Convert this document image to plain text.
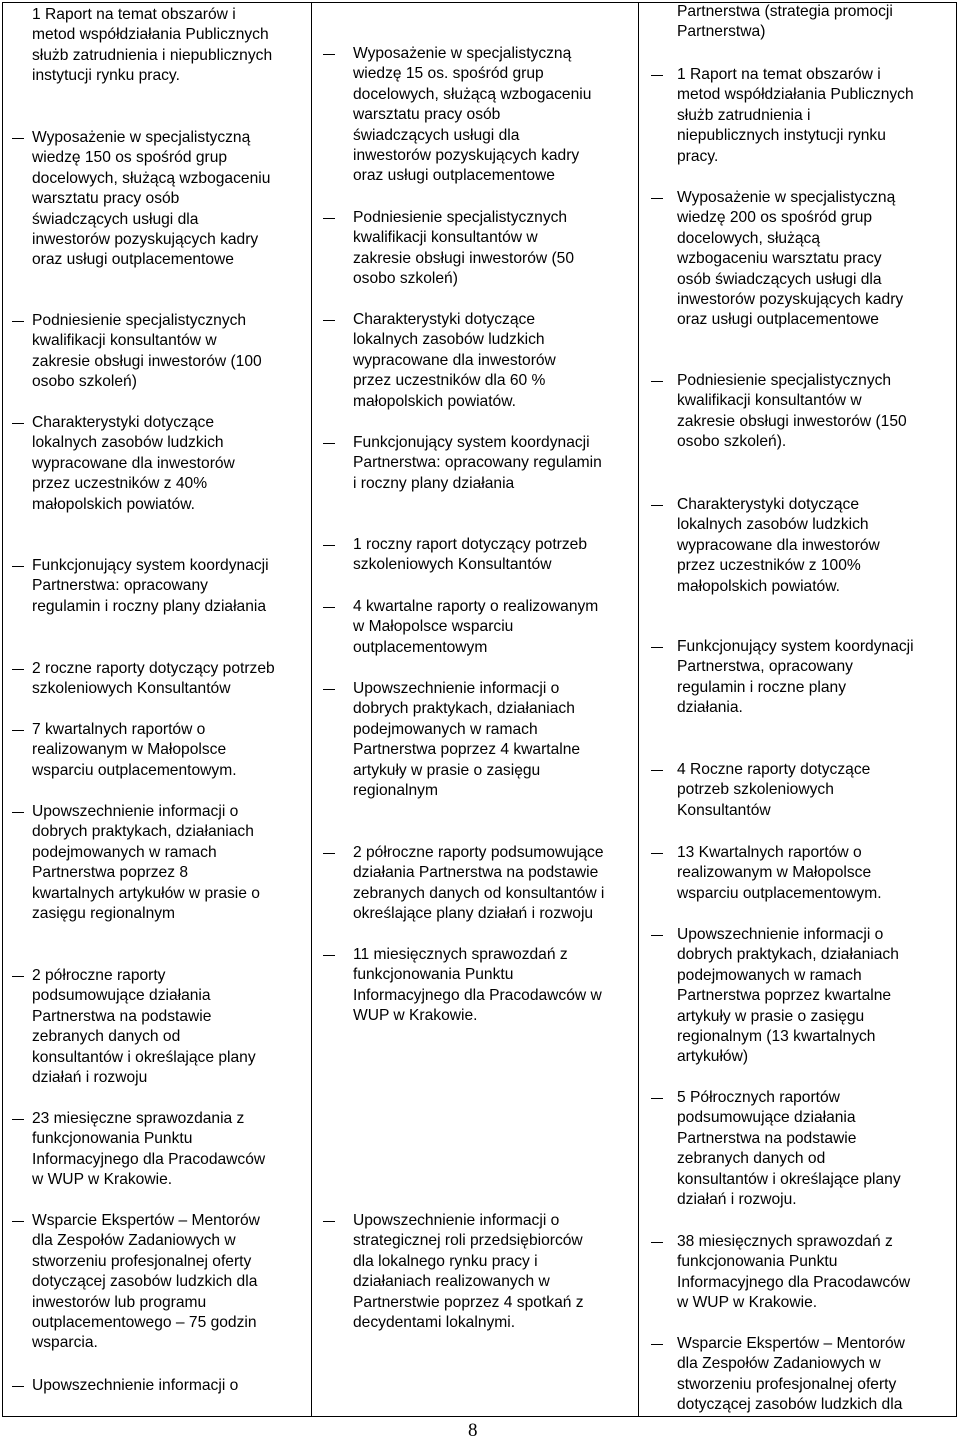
8
1 Raport na temat obszarów i
metod współdziałania Publicznych
służb zatrudnienia i niepublicznych
instytucji rynku pracy.
Wyposażenie w specjalistyczną
wiedzę 150 os spośród grup
docelowych, służącą wzbogaceniu
warsztatu pracy osób
świadczących usługi dla
inwestorów pozyskujących kadry
oraz usługi outplacementowe
Podniesienie specjalistycznych
kwalifikacji konsultantów w
zakresie obsługi inwestorów (100
osobo szkoleń)
Charakterystyki dotyczące
lokalnych zasobów ludzkich
wypracowane dla inwestorów
przez uczestników z 40%
małopolskich powiatów.
Funkcjonujący system koordynacji
Partnerstwa: opracowany
regulamin i roczny plany działania
2 roczne raporty dotyczący potrzeb
szkoleniowych Konsultantów
7 kwartalnych raportów o
realizowanym w Małopolsce
wsparciu outplacementowym.
Upowszechnienie informacji o
dobrych praktykach, działaniach
podejmowanych w ramach
Partnerstwa poprzez 8
kwartalnych artykułów w prasie o
zasięgu regionalnym
2 półroczne raporty
podsumowujące działania
Partnerstwa na podstawie
zebranych danych od
konsultantów i określające plany
działań i rozwoju
23 miesięczne sprawozdania z
funkcjonowania Punktu
Informacyjnego dla Pracodawców
w WUP w Krakowie.
Wsparcie Ekspertów – Mentorów
dla Zespołów Zadaniowych w
stworzeniu profesjonalnej oferty
dotyczącej zasobów ludzkich dla
inwestorów lub programu
outplacementowego – 75 godzin
wsparcia.
Upowszechnienie informacji o
Wyposażenie w specjalistyczną
wiedzę 15 os. spośród grup
docelowych, służącą wzbogaceniu
warsztatu pracy osób
świadczących usługi dla
inwestorów pozyskujących kadry
oraz usługi outplacementowe
Podniesienie specjalistycznych
kwalifikacji konsultantów w
zakresie obsługi inwestorów (50
osobo szkoleń)
Charakterystyki dotyczące
lokalnych zasobów ludzkich
wypracowane dla inwestorów
przez uczestników dla 60 %
małopolskich powiatów.
Funkcjonujący system koordynacji
Partnerstwa: opracowany regulamin
i roczny plany działania
1 roczny raport dotyczący potrzeb
szkoleniowych Konsultantów
4 kwartalne raporty o realizowanym
w Małopolsce wsparciu
outplacementowym
Upowszechnienie informacji o
dobrych praktykach, działaniach
podejmowanych w ramach
Partnerstwa poprzez 4 kwartalne
artykuły w prasie o zasięgu
regionalnym
2 półroczne raporty podsumowujące
działania Partnerstwa na podstawie
zebranych danych od konsultantów i
określające plany działań i rozwoju
11 miesięcznych sprawozdań z
funkcjonowania Punktu
Informacyjnego dla Pracodawców w
WUP w Krakowie.
Upowszechnienie informacji o
strategicznej roli przedsiębiorców
dla lokalnego rynku pracy i
działaniach realizowanych w
Partnerstwie poprzez 4 spotkań z
decydentami lokalnymi.
Partnerstwa (strategia promocji
Partnerstwa)
1 Raport na temat obszarów i
metod współdziałania Publicznych
służb zatrudnienia i
niepublicznych instytucji rynku
pracy.
Wyposażenie w specjalistyczną
wiedzę 200 os spośród grup
docelowych, służącą
wzbogaceniu warsztatu pracy
osób świadczących usługi dla
inwestorów pozyskujących kadry
oraz usługi outplacementowe
Podniesienie specjalistycznych
kwalifikacji konsultantów w
zakresie obsługi inwestorów (150
osobo szkoleń).
Charakterystyki dotyczące
lokalnych zasobów ludzkich
wypracowane dla inwestorów
przez uczestników z 100%
małopolskich powiatów.
Funkcjonujący system koordynacji
Partnerstwa, opracowany
regulamin i roczne plany
działania.
4 Roczne raporty dotyczące
potrzeb szkoleniowych
Konsultantów
13 Kwartalnych raportów o
realizowanym w Małopolsce
wsparciu outplacementowym.
Upowszechnienie informacji o
dobrych praktykach, działaniach
podejmowanych w ramach
Partnerstwa poprzez kwartalne
artykuły w prasie o zasięgu
regionalnym (13 kwartalnych
artykułów)
5 Półrocznych raportów
podsumowujące działania
Partnerstwa na podstawie
zebranych danych od
konsultantów i określające plany
działań i rozwoju.
38 miesięcznych sprawozdań z
funkcjonowania Punktu
Informacyjnego dla Pracodawców
w WUP w Krakowie.
Wsparcie Ekspertów – Mentorów
dla Zespołów Zadaniowych w
stworzeniu profesjonalnej oferty
dotyczącej zasobów ludzkich dla
